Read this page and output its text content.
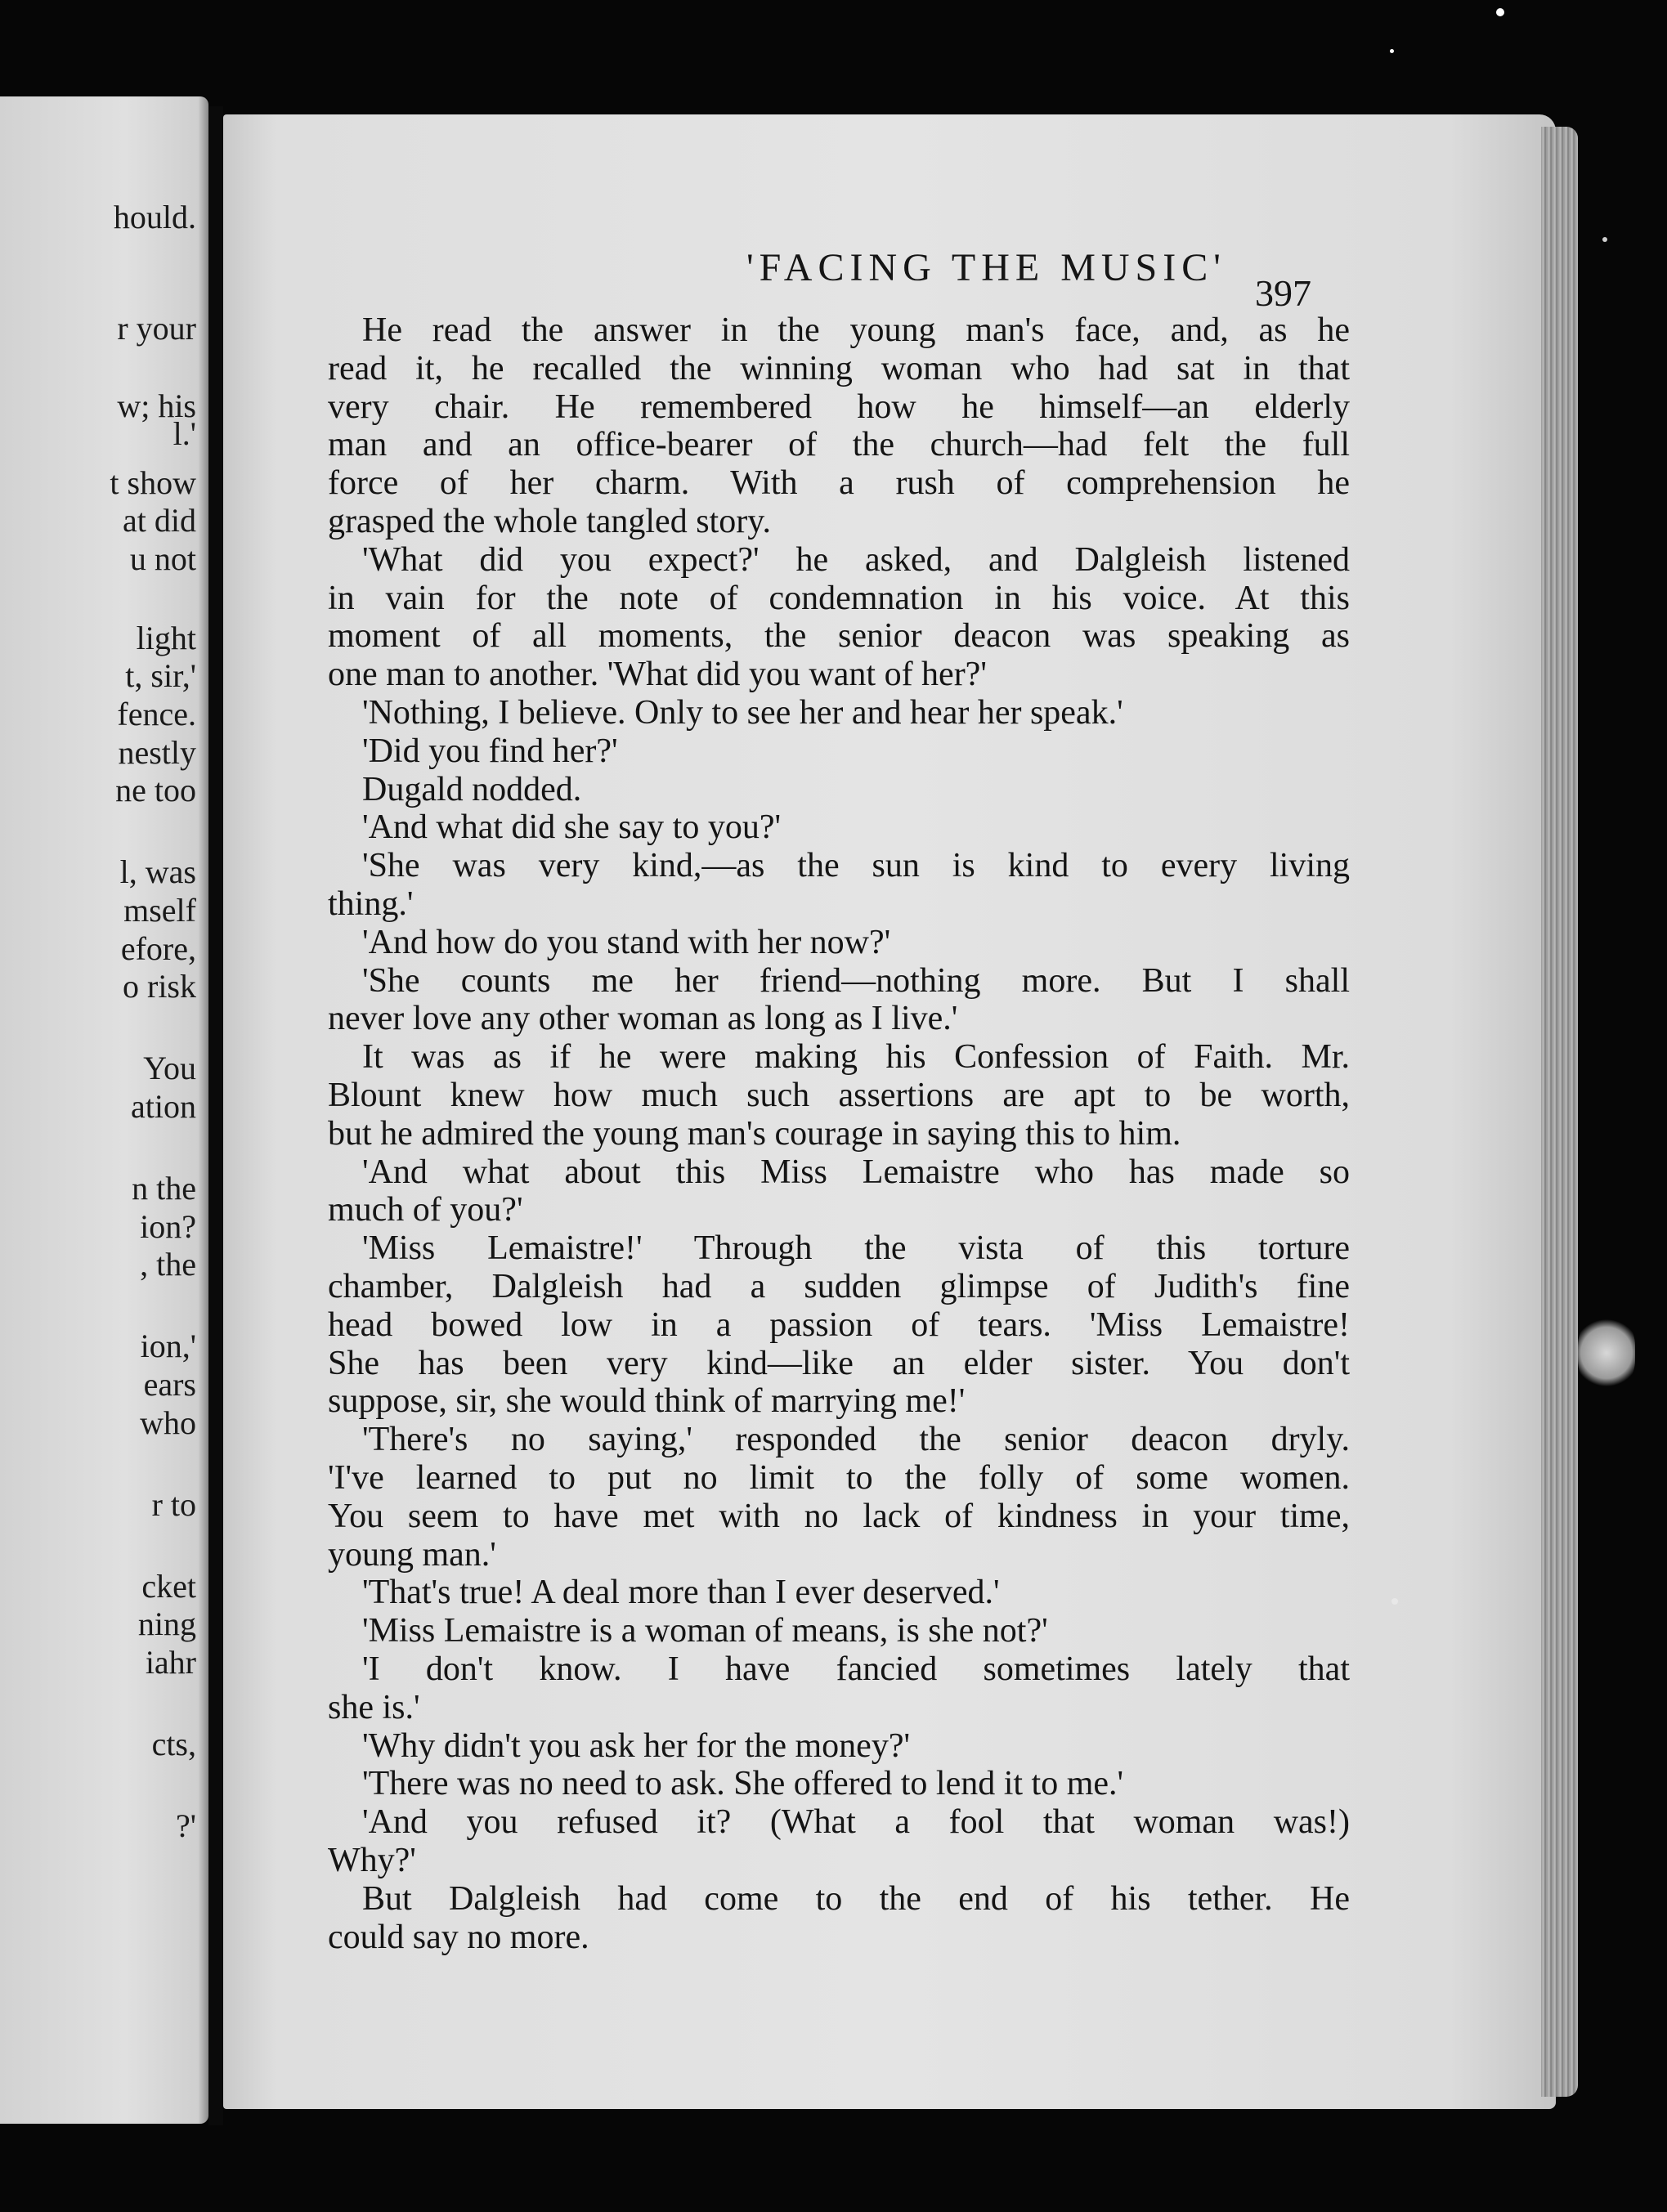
hould.
r your
w; his
l.'
t show
at did
u not
light
t, sir,'
fence.
nestly
ne too
l, was
mself
efore,
o risk
You
ation
n the
ion?
, the
ion,'
ears
who
r to
cket
ning
iahr
cts,
?'
'FACING THE MUSIC'
397
He read the answer in the young man's face, and, as he
read it, he recalled the winning woman who had sat in that
very chair. He remembered how he himself—an elderly
man and an office-bearer of the church—had felt the full
force of her charm. With a rush of comprehension he
grasped the whole tangled story.
'What did you expect?' he asked, and Dalgleish listened
in vain for the note of condemnation in his voice. At this
moment of all moments, the senior deacon was speaking as
one man to another. 'What did you want of her?'
'Nothing, I believe. Only to see her and hear her speak.'
'Did you find her?'
Dugald nodded.
'And what did she say to you?'
'She was very kind,—as the sun is kind to every living
thing.'
'And how do you stand with her now?'
'She counts me her friend—nothing more. But I shall
never love any other woman as long as I live.'
It was as if he were making his Confession of Faith. Mr.
Blount knew how much such assertions are apt to be worth,
but he admired the young man's courage in saying this to him.
'And what about this Miss Lemaistre who has made so
much of you?'
'Miss Lemaistre!' Through the vista of this torture
chamber, Dalgleish had a sudden glimpse of Judith's fine
head bowed low in a passion of tears. 'Miss Lemaistre!
She has been very kind—like an elder sister. You don't
suppose, sir, she would think of marrying me!'
'There's no saying,' responded the senior deacon dryly.
'I've learned to put no limit to the folly of some women.
You seem to have met with no lack of kindness in your time,
young man.'
'That's true! A deal more than I ever deserved.'
'Miss Lemaistre is a woman of means, is she not?'
'I don't know. I have fancied sometimes lately that
she is.'
'Why didn't you ask her for the money?'
'There was no need to ask. She offered to lend it to me.'
'And you refused it? (What a fool that woman was!)
Why?'
But Dalgleish had come to the end of his tether. He
could say no more.
